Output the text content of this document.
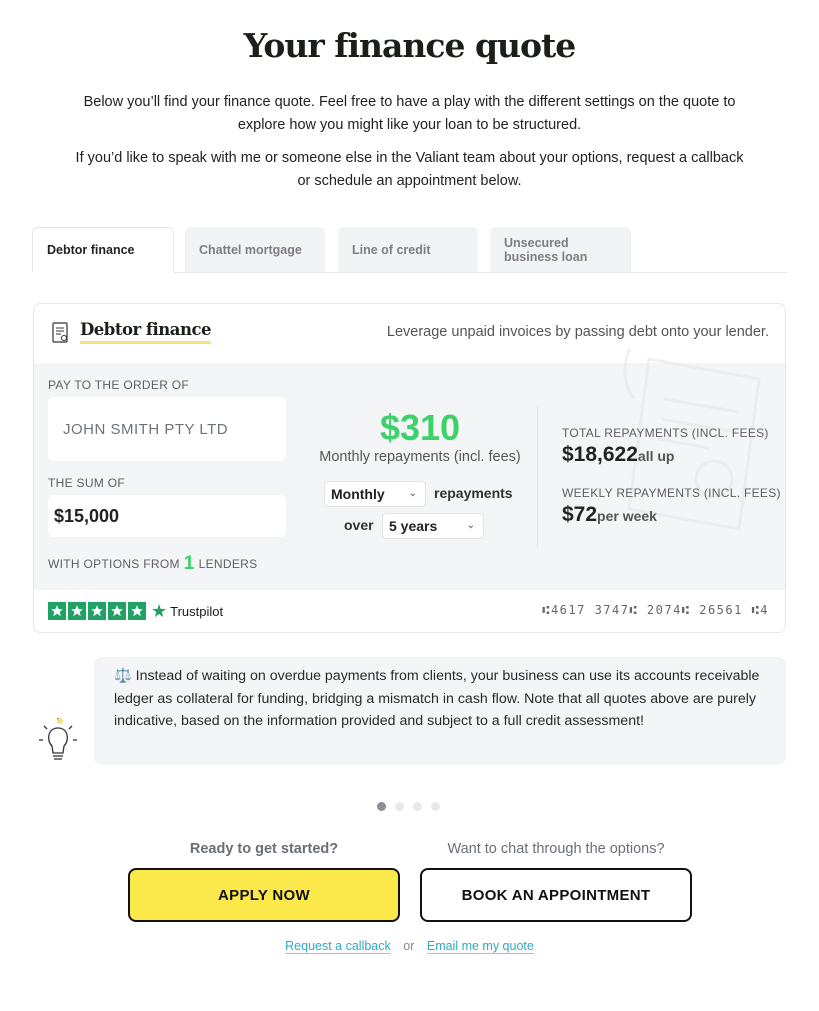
Your finance quote

Below you’ll find your finance quote. Feel free to have a play with the different settings on the quote to explore how you might like your loan to be structured.

If you’d like to speak with me or someone else in the Valiant team about your options, request a callback or schedule an appointment below.

Debtor finance	Chattel mortgage	Line of credit	Unsecured business loan
Debtor finance	Leverage unpaid invoices by passing debt onto your lender.
PAY TO THE ORDER OF
JOHN SMITH PTY LTD
THE SUM OF
$15,000
WITH OPTIONS FROM 1 LENDERS
$310
Monthly repayments (incl. fees)
Monthly ⌄ repayments
over 5 years	⌄
TOTAL REPAYMENTS (INCL. FEES)
$18,622all up
WEEKLY REPAYMENTS (INCL. FEES)
$72per week
★ Trustpilot	⑆4617 3747⑆ 2074⑆ 26561 ⑆4
⚖️ Instead of waiting on overdue payments from clients, your business can use its accounts receivable ledger as collateral for funding, bridging a mismatch in cash flow. Note that all quotes above are purely indicative, based on the information provided and subject to a full credit assessment!
Ready to get started?	Want to chat through the options?
APPLY NOW	BOOK AN APPOINTMENT
Request a callback or Email me my quote
